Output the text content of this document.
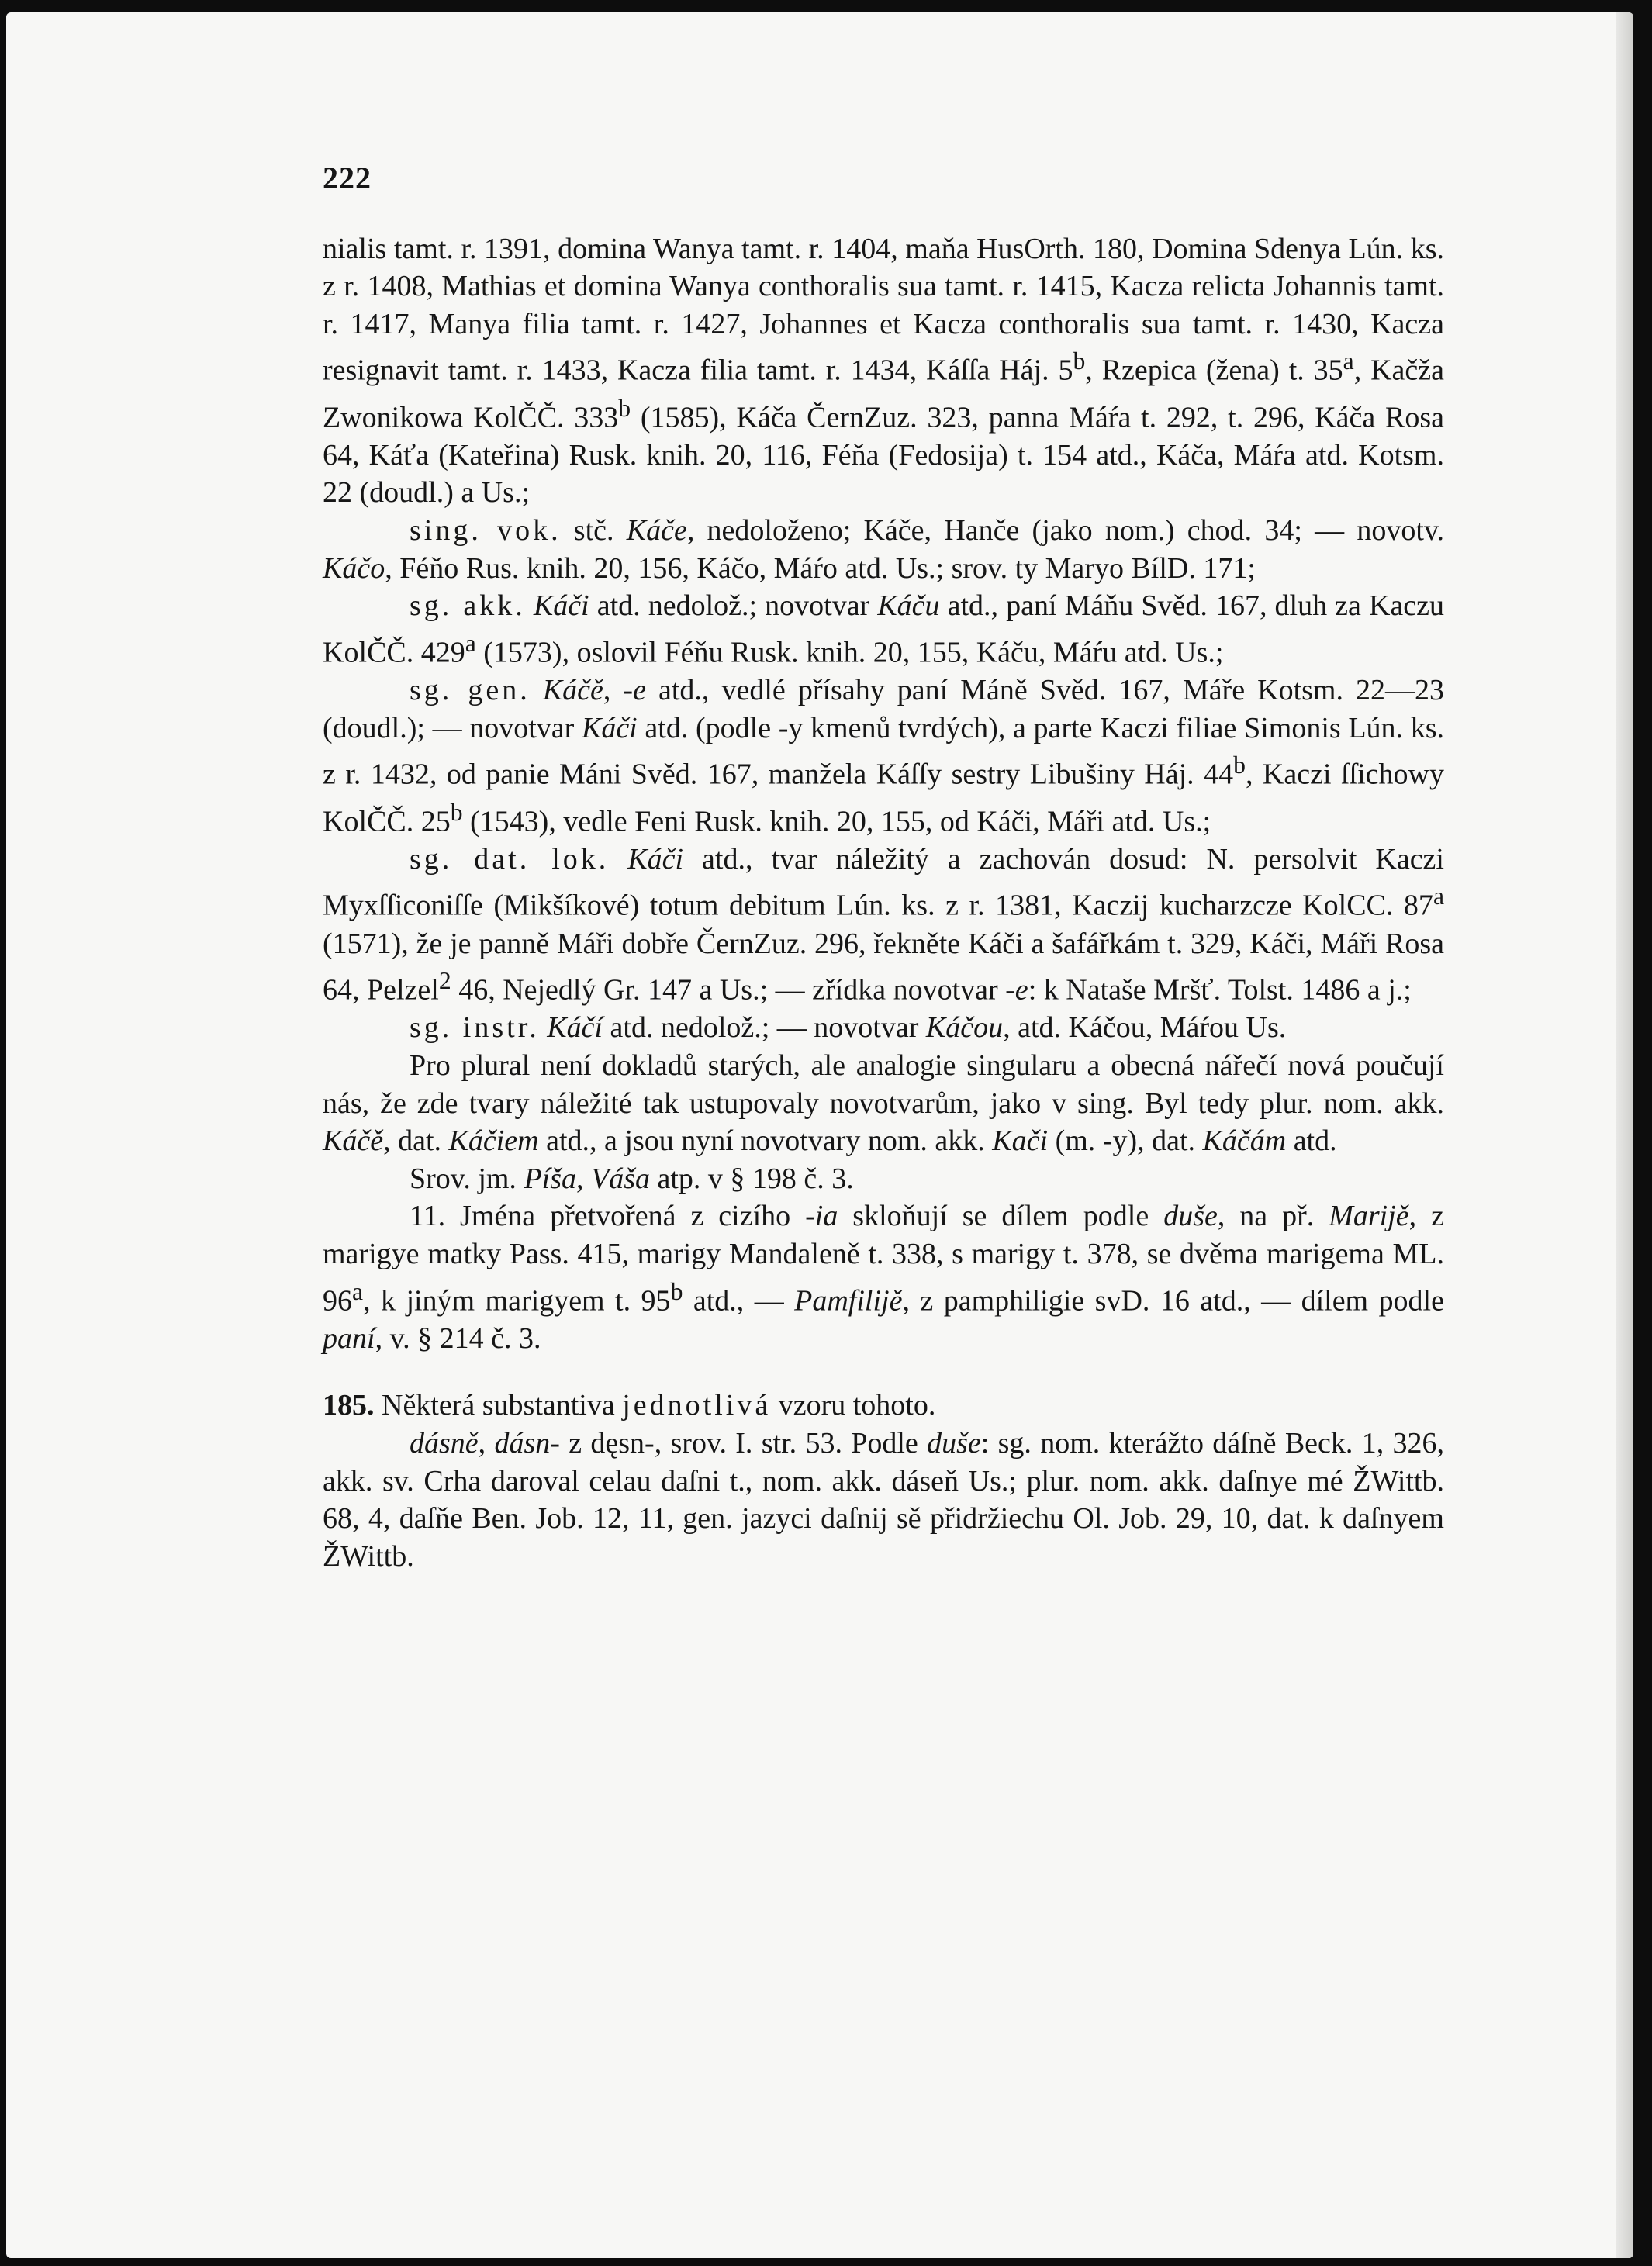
222

nialis tamt. r. 1391, domina Wanya tamt. r. 1404, maňa HusOrth. 180, Domina Sdenya Lún. ks. z r. 1408, Mathias et domina Wanya conthoralis sua tamt. r. 1415, Kacza relicta Johannis tamt. r. 1417, Manya filia tamt. r. 1427, Johannes et Kacza conthoralis sua tamt. r. 1430, Kacza resignavit tamt. r. 1433, Kacza filia tamt. r. 1434, Káſſa Háj. 5$^b$, Rzepica (žena) t. 35$^a$, Kačža Zwonikowa KolČČ. 333$^b$ (1585), Káča ČernZuz. 323, panna Máŕa t. 292, t. 296, Káča Rosa 64, Káťa (Kateřina) Rusk. knih. 20, 116, Féňa (Fedosija) t. 154 atd., Káča, Máŕa atd. Kotsm. 22 (doudl.) a Us.;

sing. vok. stč. Káče, nedoloženo; Káče, Hanče (jako nom.) chod. 34; — novotv. Káčo, Féňo Rus. knih. 20, 156, Káčo, Máŕo atd. Us.; srov. ty Maryo BílD. 171;

sg. akk. Káči atd. nedolož.; novotvar Káču atd., paní Máňu Svěd. 167, dluh za Kaczu KolČČ. 429$^a$ (1573), oslovil Féňu Rusk. knih. 20, 155, Káču, Máŕu atd. Us.;

sg. gen. Káčě, -e atd., vedlé přísahy paní Máně Svěd. 167, Máře Kotsm. 22—23 (doudl.); — novotvar Káči atd. (podle -y kmenů tvrdých), a parte Kaczi filiae Simonis Lún. ks. z r. 1432, od panie Máni Svěd. 167, manžela Káſſy sestry Libušiny Háj. 44$^b$, Kaczi ſſichowy KolČČ. 25$^b$ (1543), vedle Feni Rusk. knih. 20, 155, od Káči, Máři atd. Us.;

sg. dat. lok. Káči atd., tvar náležitý a zachován dosud: N. persolvit Kaczi Myxſſiconiſſe (Mikšíkové) totum debitum Lún. ks. z r. 1381, Kaczij kucharzcze KolCC. 87$^a$ (1571), že je panně Máři dobře ČernZuz. 296, řekněte Káči a šafářkám t. 329, Káči, Máři Rosa 64, Pelzel$^2$ 46, Nejedlý Gr. 147 a Us.; — zřídka novotvar -e: k Nataše Mršť. Tolst. 1486 a j.;

sg. instr. Káčí atd. nedolož.; — novotvar Káčou, atd. Káčou, Máŕou Us.

Pro plural není dokladů starých, ale analogie singularu a obecná nářečí nová poučují nás, že zde tvary náležité tak ustupovaly novotvarům, jako v sing. Byl tedy plur. nom. akk. Káčě, dat. Káčiem atd., a jsou nyní novotvary nom. akk. Kači (m. -y), dat. Káčám atd.

Srov. jm. Píša, Váša atp. v § 198 č. 3.

11. Jména přetvořená z cizího -ia skloňují se dílem podle duše, na př. Marijě, z marigye matky Pass. 415, marigy Mandaleně t. 338, s marigy t. 378, se dvěma marigema ML. 96$^a$, k jiným marigyem t. 95$^b$ atd., — Pamfilijě, z pamphiligie svD. 16 atd., — dílem podle paní, v. § 214 č. 3.

185. Některá substantiva jednotlivá vzoru tohoto.

dásně, dásn- z dęsn-, srov. I. str. 53. Podle duše: sg. nom. kterážto dáſně Beck. 1, 326, akk. sv. Crha daroval celau daſni t., nom. akk. dáseň Us.; plur. nom. akk. daſnye mé ŽWittb. 68, 4, daſňe Ben. Job. 12, 11, gen. jazyci daſnij sě přidržiechu Ol. Job. 29, 10, dat. k daſnyem ŽWittb.
